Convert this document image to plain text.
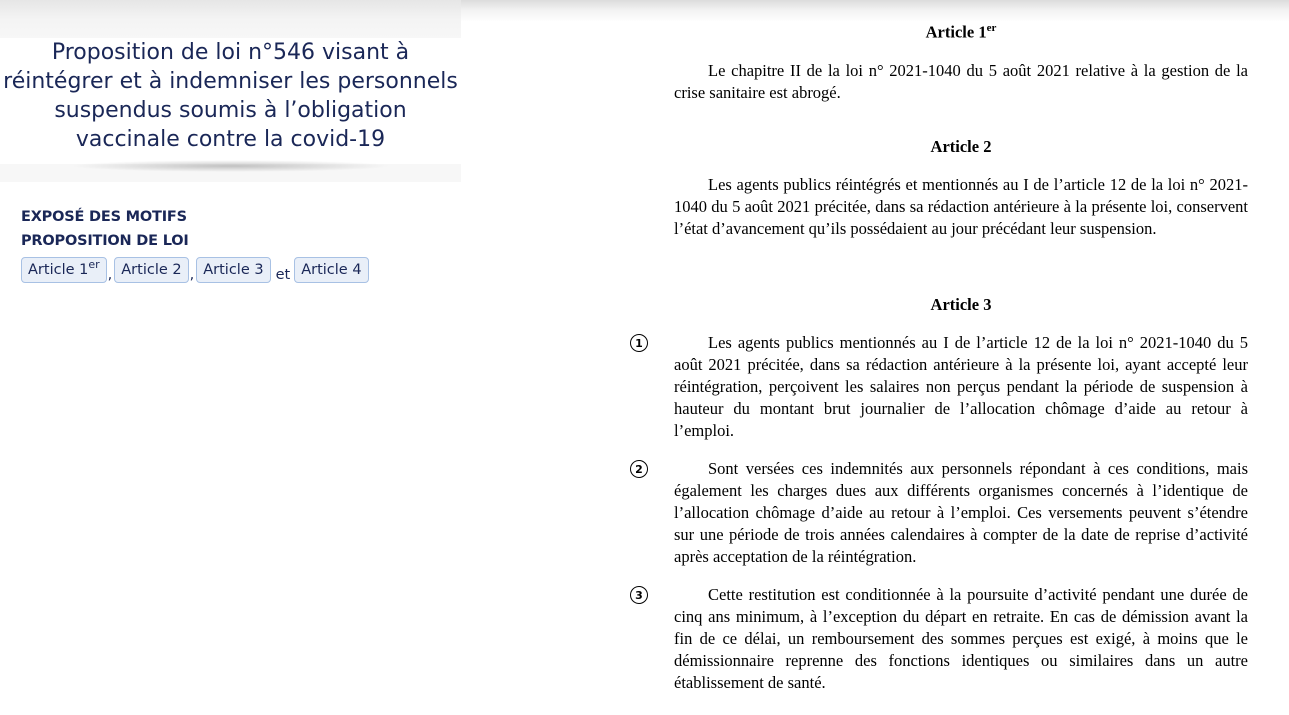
Proposition de loi n°546 visant à réintégrer et à indemniser les personnels suspendus soumis à l’obligation vaccinale contre la covid-19
EXPOSÉ DES MOTIFS
PROPOSITION DE LOI
Article 1er
, Article 2 , Article 3 et Article 4
Article 1er

Le chapitre II de la loi n° 2021-1040 du 5 août 2021 relative à la gestion de la crise sanitaire est abrogé.

Article 2

Les agents publics réintégrés et mentionnés au I de l’article 12 de la loi n° 2021-1040 du 5 août 2021 précitée, dans sa rédaction antérieure à la présente loi, conservent l’état d’avancement qu’ils possédaient au jour précédant leur suspension.

Article 3

Les agents publics mentionnés au I de l’article 12 de la loi n° 2021-1040 du 5 août 2021 précitée, dans sa rédaction antérieure à la présente loi, ayant accepté leur réintégration, perçoivent les salaires non perçus pendant la période de suspension à hauteur du montant brut journalier de l’allocation chômage d’aide au retour à l’emploi.

Sont versées ces indemnités aux personnels répondant à ces conditions, mais également les charges dues aux différents organismes concernés à l’identique de l’allocation chômage d’aide au retour à l’emploi. Ces versements peuvent s’étendre sur une période de trois années calendaires à compter de la date de reprise d’activité après acceptation de la réintégration.

Cette restitution est conditionnée à la poursuite d’activité pendant une durée de cinq ans minimum, à l’exception du départ en retraite. En cas de démission avant la fin de ce délai, un remboursement des sommes perçues est exigé, à moins que le démissionnaire reprenne des fonctions identiques ou similaires dans un autre établissement de santé.

1
2
3
